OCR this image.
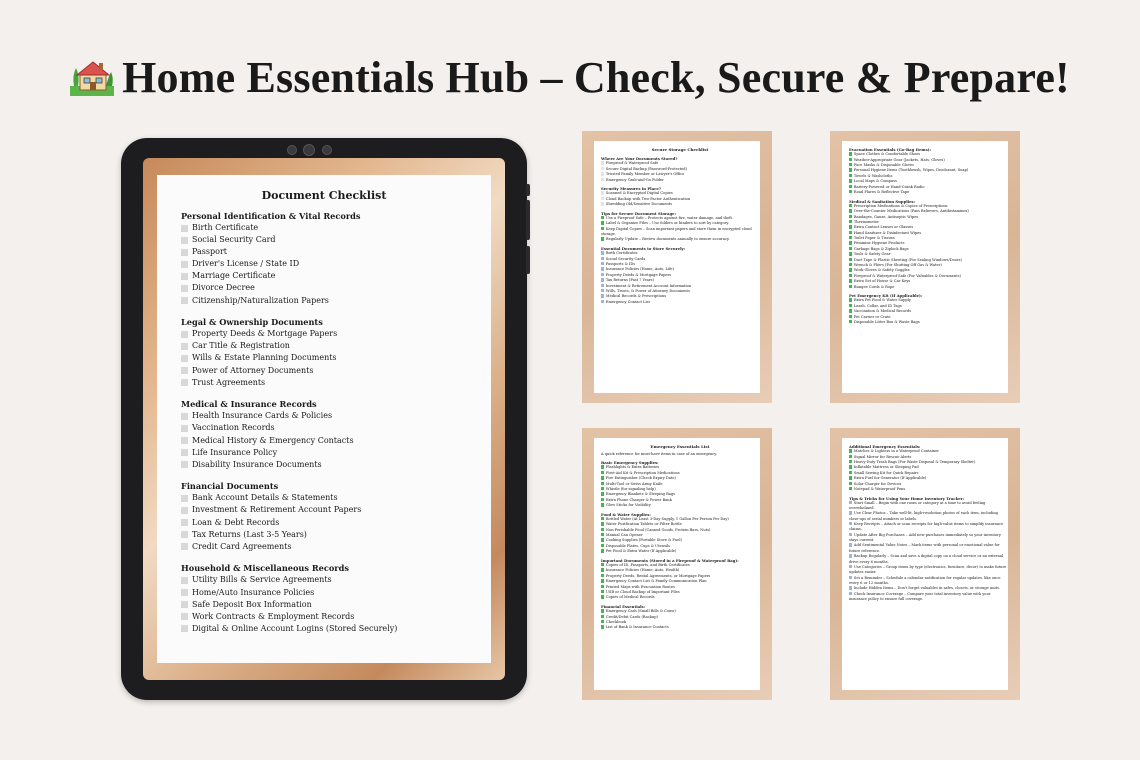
Home Essentials Hub – Check, Secure & Prepare!
Document Checklist
Personal Identification & Vital Records
Birth Certificate
Social Security Card
Passport
Driver's License / State ID
Marriage Certificate
Divorce Decree
Citizenship/Naturalization Papers
Legal & Ownership Documents
Property Deeds & Mortgage Papers
Car Title & Registration
Wills & Estate Planning Documents
Power of Attorney Documents
Trust Agreements
Medical & Insurance Records
Health Insurance Cards & Policies
Vaccination Records
Medical History & Emergency Contacts
Life Insurance Policy
Disability Insurance Documents
Financial Documents
Bank Account Details & Statements
Investment & Retirement Account Papers
Loan & Debt Records
Tax Returns (Last 3-5 Years)
Credit Card Agreements
Household & Miscellaneous Records
Utility Bills & Service Agreements
Home/Auto Insurance Policies
Safe Deposit Box Information
Work Contracts & Employment Records
Digital & Online Account Logins (Stored Securely)
Secure Storage Checklist
Where Are Your Documents Stored?
Fireproof & Waterproof Safe
Secure Digital Backup (Password-Protected)
Trusted Family Member or Lawyer's Office
Emergency Grab-and-Go Folder
Security Measures in Place?
Scanned & Encrypted Digital Copies
Cloud Backup with Two-Factor Authentication
Shredding Old/Sensitive Documents
Tips for Secure Document Storage:
Use a Fireproof Safe – Protects against fire, water damage, and theft.
Label & Organize Files – Use folders or binders to sort by category.
Keep Digital Copies – Scan important papers and store them in encrypted cloud storage.
Regularly Update – Review documents annually to ensure accuracy.
Essential Documents to Store Securely:
Birth Certificates
Social Security Cards
Passports & IDs
Insurance Policies (Home, Auto, Life)
Property Deeds & Mortgage Papers
Tax Returns (Past 7 Years)
Investment & Retirement Account Information
Wills, Trusts, & Power of Attorney Documents
Medical Records & Prescriptions
Emergency Contact List
Evacuation Essentials (Go-Bag Items):
Space Clothes & Comfortable Shoes
Weather-Appropriate Gear (Jackets, Hats, Gloves)
Face Masks & Disposable Gloves
Personal Hygiene Items (Toothbrush, Wipes, Deodorant, Soap)
Towels & Washcloths
Local Maps & Compass
Battery-Powered or Hand-Crank Radio
Road Flares & Reflective Tape
Medical & Sanitation Supplies:
Prescription Medications & Copies of Prescriptions
Over-the-Counter Medications (Pain Relievers, Antihistamines)
Bandages, Gauze, Antiseptic Wipes
Thermometer
Extra Contact Lenses or Glasses
Hand Sanitizer & Disinfectant Wipes
Toilet Paper & Tissues
Feminine Hygiene Products
Garbage Bags & Ziplock Bags
Tools & Safety Gear:
Duct Tape & Plastic Sheeting (For Sealing Windows/Doors)
Wrench & Pliers (For Shutting Off Gas & Water)
Work Gloves & Safety Goggles
Fireproof & Waterproof Safe (For Valuables & Documents)
Extra Set of House & Car Keys
Bungee Cords & Rope
Pet Emergency Kit (If Applicable):
Extra Pet Food & Water Supply
Leash, Collar, and ID Tags
Vaccination & Medical Records
Pet Carrier or Crate
Disposable Litter Box & Waste Bags
Emergency Essentials List
A quick reference for must-have items in case of an emergency.
Basic Emergency Supplies:
Flashlights & Extra Batteries
First-Aid Kit & Prescription Medications
Fire Extinguisher (Check Expiry Date)
Multi-Tool or Swiss Army Knife
Whistle (for signaling help)
Emergency Blankets & Sleeping Bags
Extra Phone Charger & Power Bank
Glow Sticks for Visibility
Food & Water Supplies:
Bottled Water (At Least 3-Day Supply, 1 Gallon Per Person Per Day)
Water Purification Tablets or Filter Bottle
Non-Perishable Food (Canned Goods, Protein Bars, Nuts)
Manual Can Opener
Cooking Supplies (Portable Stove & Fuel)
Disposable Plates, Cups & Utensils
Pet Food & Extra Water (If Applicable)
Important Documents (Stored in a Fireproof & Waterproof Bag):
Copies of ID, Passports, and Birth Certificates
Insurance Policies (Home, Auto, Health)
Property Deeds, Rental Agreements, or Mortgage Papers
Emergency Contact List & Family Communication Plan
Printed Maps with Evacuation Routes
USB or Cloud Backup of Important Files
Copies of Medical Records
Financial Essentials:
Emergency Cash (Small Bills & Coins)
Credit/Debit Cards (Backup)
Checkbook
List of Bank & Insurance Contacts
Additional Emergency Essentials:
Matches & Lighters in a Waterproof Container
Signal Mirror for Rescue Alerts
Heavy-Duty Trash Bags (For Waste Disposal & Temporary Shelter)
Inflatable Mattress or Sleeping Pad
Small Sewing Kit for Quick Repairs
Extra Fuel for Generator (If Applicable)
Solar Charger for Devices
Notepad & Waterproof Pens
Tips & Tricks for Using Your Home Inventory Tracker:
Start Small – Begin with one room or category at a time to avoid feeling overwhelmed.
Use Clear Photos – Take well-lit, high-resolution photos of each item, including close-ups of serial numbers or labels.
Keep Receipts – Attach or scan receipts for high-value items to simplify insurance claims.
Update After Big Purchases – Add new purchases immediately so your inventory stays current.
Add Sentimental Value Notes – Mark items with personal or emotional value for future reference.
Backup Regularly – Scan and save a digital copy on a cloud service or an external drive every 6 months.
Use Categories – Group items by type (electronics, furniture, decor) to make future updates easier.
Set a Reminder – Schedule a calendar notification for regular updates, like once every 6 or 12 months.
Include Hidden Items – Don't forget valuables in safes, closets, or storage units.
Check Insurance Coverage – Compare your total inventory value with your insurance policy to ensure full coverage.
